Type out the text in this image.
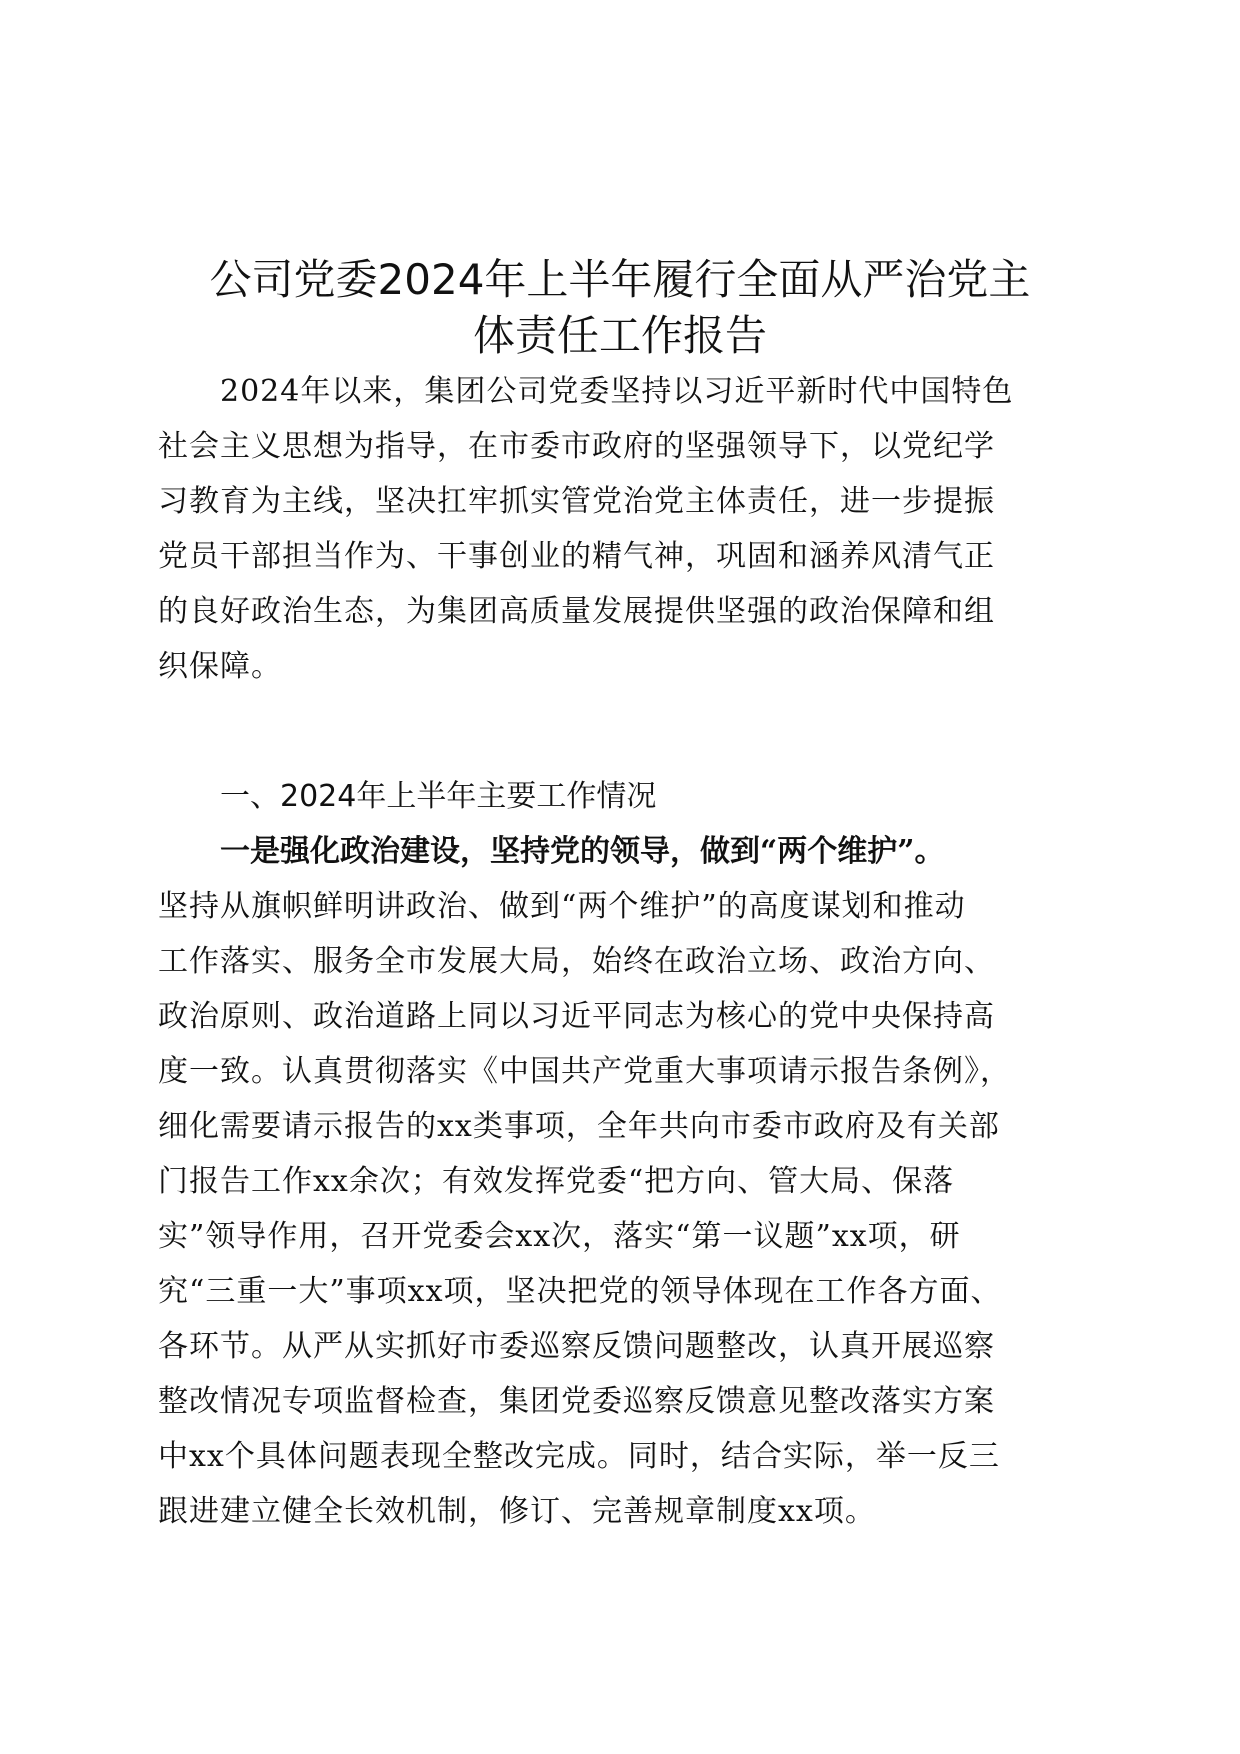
公司党委2024年上半年履行全面从严治党主
体责任工作报告
2024年以来，集团公司党委坚持以习近平新时代中国特色
社会主义思想为指导，在市委市政府的坚强领导下，以党纪学
习教育为主线，坚决扛牢抓实管党治党主体责任，进一步提振
党员干部担当作为、干事创业的精气神，巩固和涵养风清气正
的良好政治生态，为集团高质量发展提供坚强的政治保障和组
织保障。
一、2024年上半年主要工作情况
一是强化政治建设，坚持党的领导，做到“两个维护”。
坚持从旗帜鲜明讲政治、做到“两个维护”的高度谋划和推动
工作落实、服务全市发展大局，始终在政治立场、政治方向、
政治原则、政治道路上同以习近平同志为核心的党中央保持高
度一致。认真贯彻落实《中国共产党重大事项请示报告条例》，
细化需要请示报告的xx类事项，全年共向市委市政府及有关部
门报告工作xx余次；有效发挥党委“把方向、管大局、保落
实”领导作用，召开党委会xx次，落实“第一议题”xx项，研
究“三重一大”事项xx项，坚决把党的领导体现在工作各方面、
各环节。从严从实抓好市委巡察反馈问题整改，认真开展巡察
整改情况专项监督检查，集团党委巡察反馈意见整改落实方案
中xx个具体问题表现全整改完成。同时，结合实际，举一反三
跟进建立健全长效机制，修订、完善规章制度xx项。
